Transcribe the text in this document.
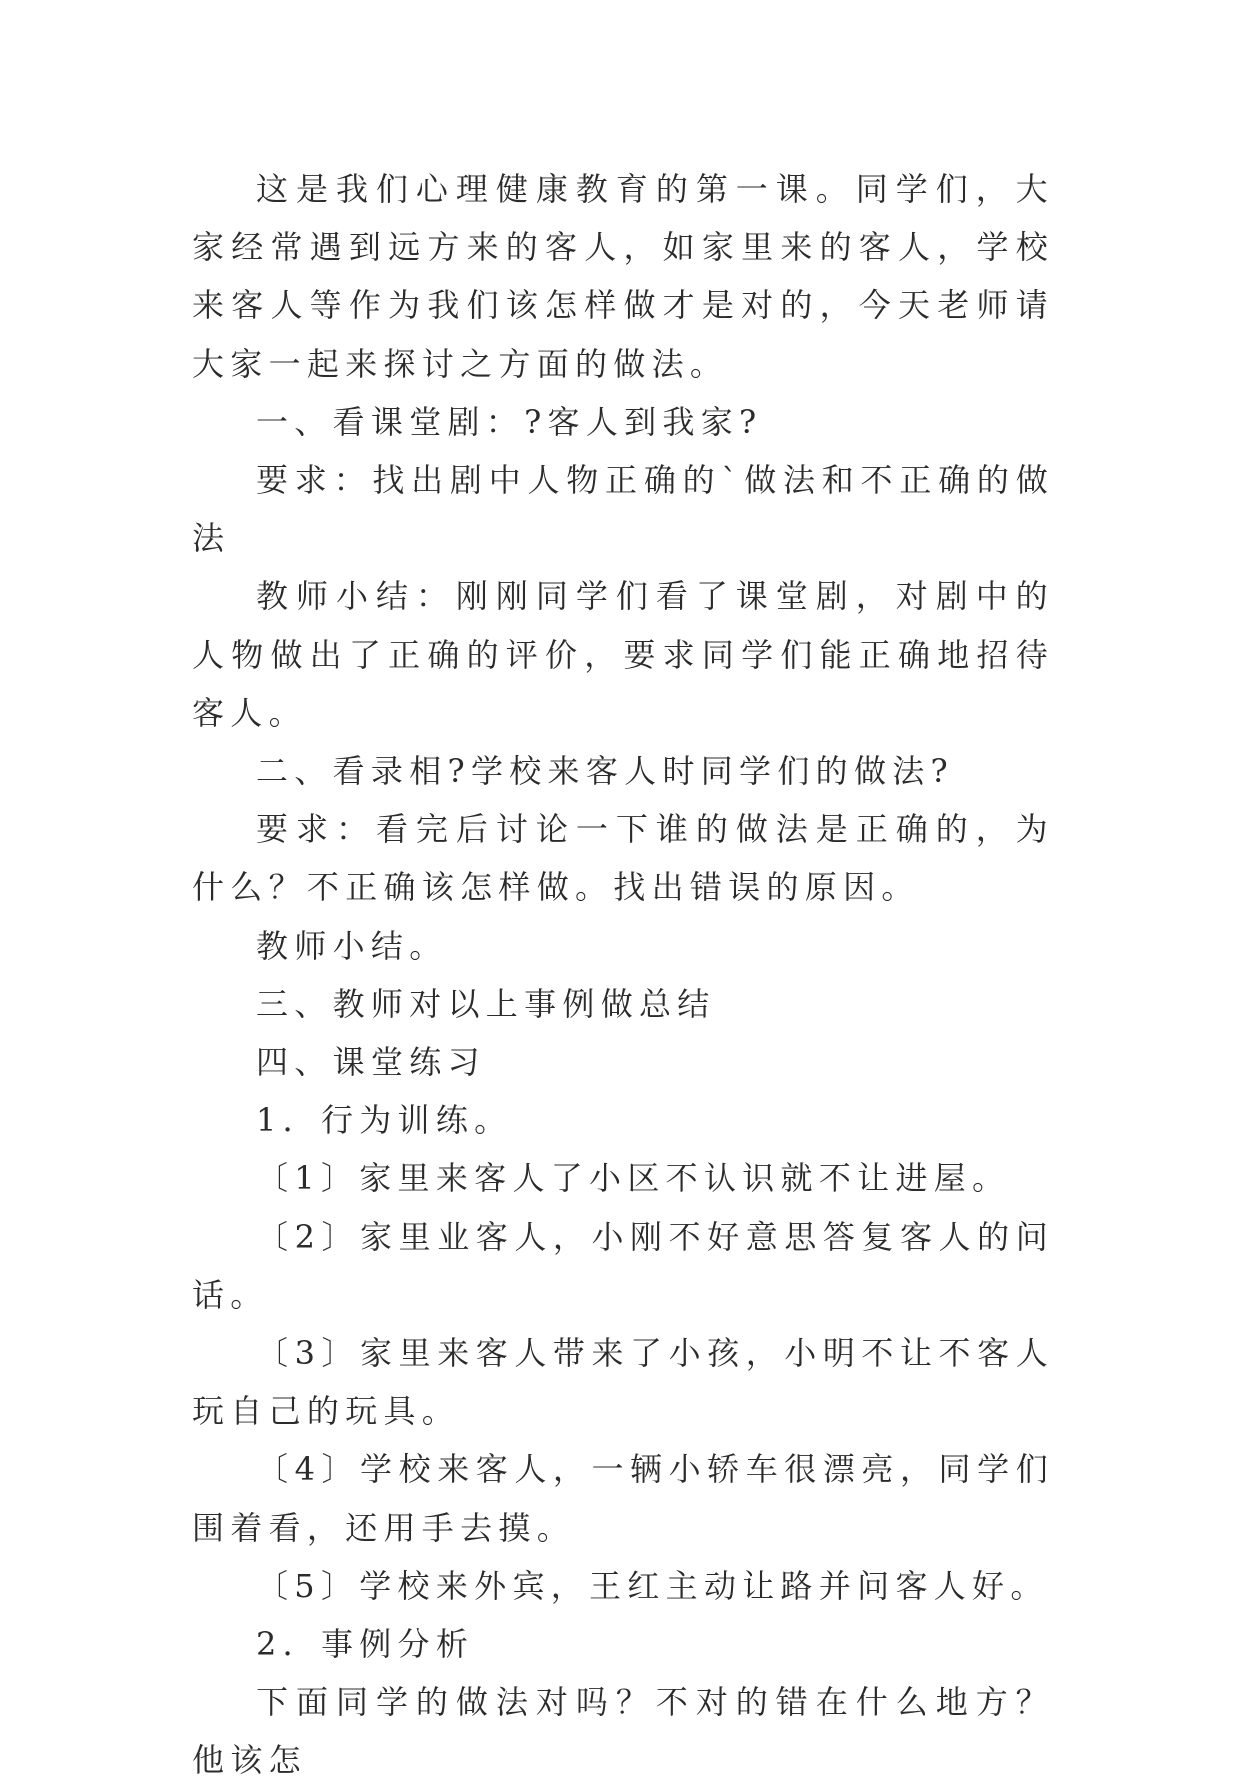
这是我们心理健康教育的第一课。同学们，大家经常遇到远方来的客人，如家里来的客人，学校来客人等作为我们该怎样做才是对的，今天老师请大家一起来探讨之方面的做法。

一、看课堂剧：?客人到我家?

要求：找出剧中人物正确的`做法和不正确的做法

教师小结：刚刚同学们看了课堂剧，对剧中的人物做出了正确的评价，要求同学们能正确地招待客人。

二、看录相?学校来客人时同学们的做法?

要求：看完后讨论一下谁的做法是正确的，为什么？不正确该怎样做。找出错误的原因。

教师小结。

三、教师对以上事例做总结

四、课堂练习

1．行为训练。

〔1〕家里来客人了小区不认识就不让进屋。

〔2〕家里业客人，小刚不好意思答复客人的问话。

〔3〕家里来客人带来了小孩，小明不让不客人玩自己的玩具。

〔4〕学校来客人，一辆小轿车很漂亮，同学们围着看，还用手去摸。

〔5〕学校来外宾，王红主动让路并问客人好。

2．事例分析

下面同学的做法对吗？不对的错在什么地方？他该怎
